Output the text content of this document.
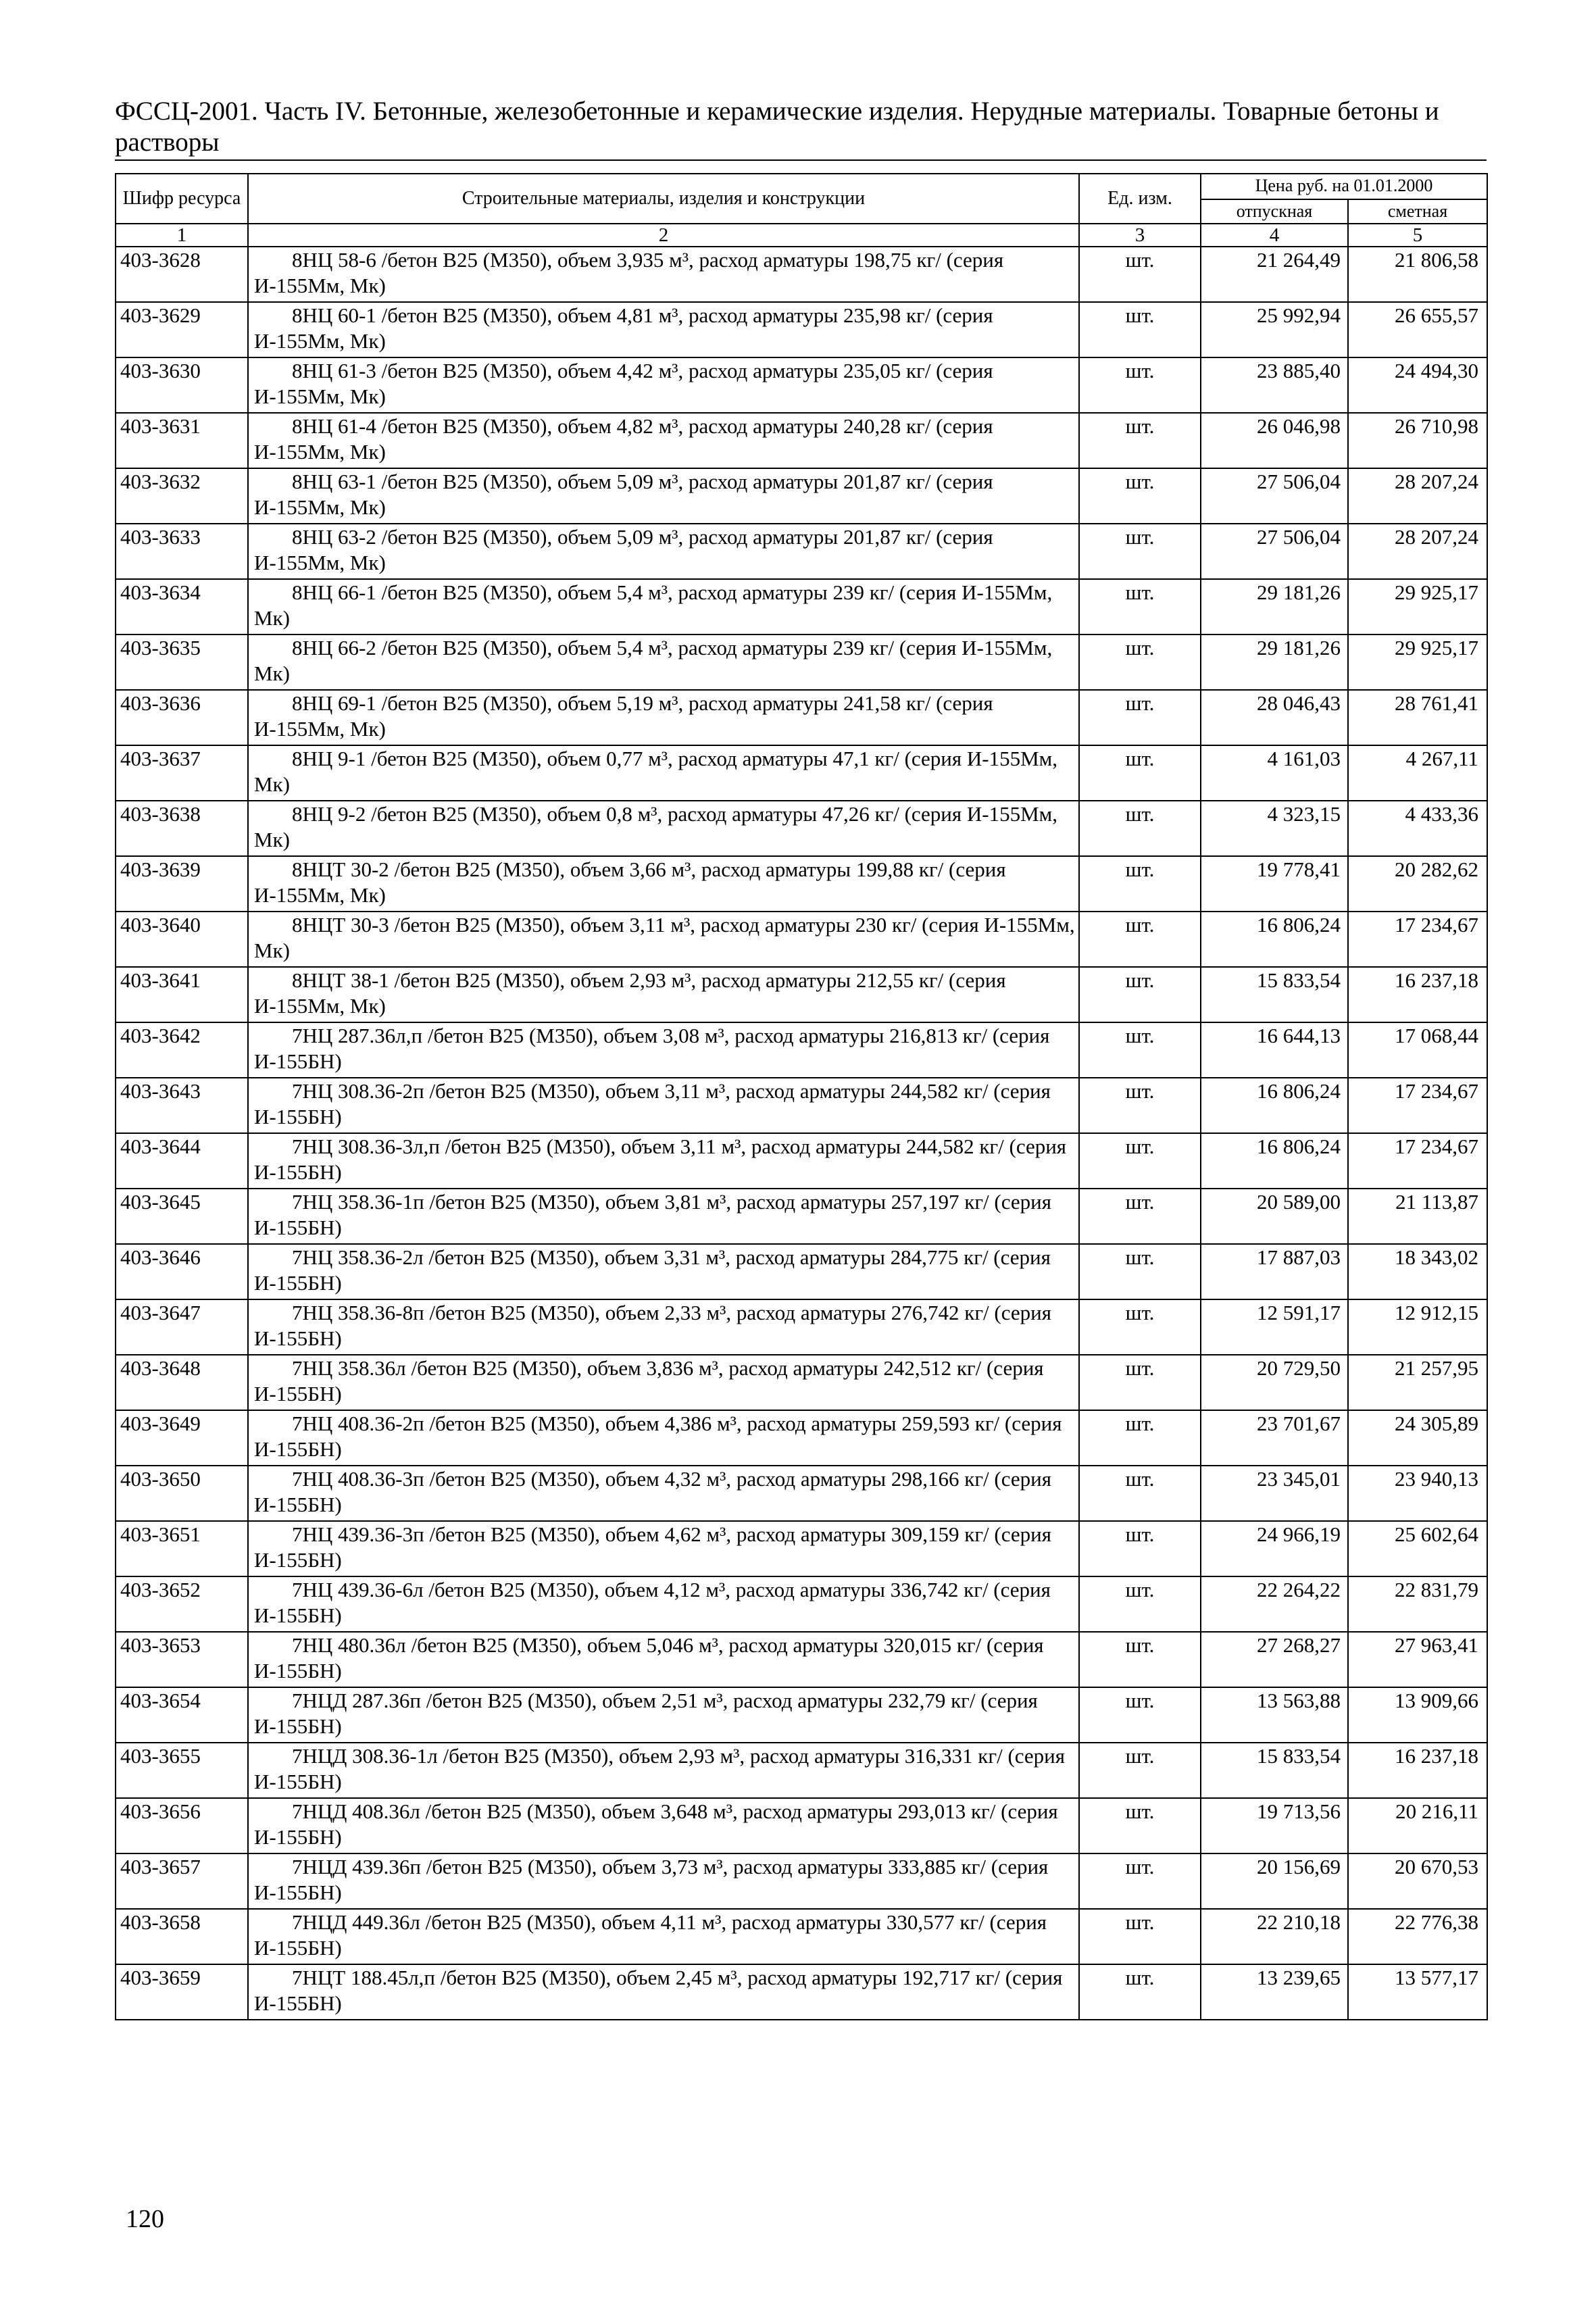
ФССЦ-2001. Часть IV. Бетонные, железобетонные и керамические изделия. Нерудные материалы. Товарные бетоны и растворы
Шифр ресурса	Строительные материалы, изделия и конструкции	Ед. изм.	Цена руб. на 01.01.2000	
			отпускная	сметная
1	2	3	4	5
403-3628	8НЦ 58-6 /бетон В25 (М350), объем 3,935 м³, расход арматуры 198,75 кг/ (серия И-155Мм, Мк)	шт.	21 264,49	21 806,58
403-3629	8НЦ 60-1 /бетон В25 (М350), объем 4,81 м³, расход арматуры 235,98 кг/ (серия И-155Мм, Мк)	шт.	25 992,94	26 655,57
403-3630	8НЦ 61-3 /бетон В25 (М350), объем 4,42 м³, расход арматуры 235,05 кг/ (серия И-155Мм, Мк)	шт.	23 885,40	24 494,30
403-3631	8НЦ 61-4 /бетон В25 (М350), объем 4,82 м³, расход арматуры 240,28 кг/ (серия И-155Мм, Мк)	шт.	26 046,98	26 710,98
403-3632	8НЦ 63-1 /бетон В25 (М350), объем 5,09 м³, расход арматуры 201,87 кг/ (серия И-155Мм, Мк)	шт.	27 506,04	28 207,24
403-3633	8НЦ 63-2 /бетон В25 (М350), объем 5,09 м³, расход арматуры 201,87 кг/ (серия И-155Мм, Мк)	шт.	27 506,04	28 207,24
403-3634	8НЦ 66-1 /бетон В25 (М350), объем 5,4 м³, расход арматуры 239 кг/ (серия И-155Мм, Мк)	шт.	29 181,26	29 925,17
403-3635	8НЦ 66-2 /бетон В25 (М350), объем 5,4 м³, расход арматуры 239 кг/ (серия И-155Мм, Мк)	шт.	29 181,26	29 925,17
403-3636	8НЦ 69-1 /бетон В25 (М350), объем 5,19 м³, расход арматуры 241,58 кг/ (серия И-155Мм, Мк)	шт.	28 046,43	28 761,41
403-3637	8НЦ 9-1 /бетон В25 (М350), объем 0,77 м³, расход арматуры 47,1 кг/ (серия И-155Мм, Мк)	шт.	4 161,03	4 267,11
403-3638	8НЦ 9-2 /бетон В25 (М350), объем 0,8 м³, расход арматуры 47,26 кг/ (серия И-155Мм, Мк)	шт.	4 323,15	4 433,36
403-3639	8НЦТ 30-2 /бетон В25 (М350), объем 3,66 м³, расход арматуры 199,88 кг/ (серия И-155Мм, Мк)	шт.	19 778,41	20 282,62
403-3640	8НЦТ 30-3 /бетон В25 (М350), объем 3,11 м³, расход арматуры 230 кг/ (серия И-155Мм, Мк)	шт.	16 806,24	17 234,67
403-3641	8НЦТ 38-1 /бетон В25 (М350), объем 2,93 м³, расход арматуры 212,55 кг/ (серия И-155Мм, Мк)	шт.	15 833,54	16 237,18
403-3642	7НЦ 287.36л,п /бетон В25 (М350), объем 3,08 м³, расход арматуры 216,813 кг/ (серия И-155БН)	шт.	16 644,13	17 068,44
403-3643	7НЦ 308.36-2п /бетон В25 (М350), объем 3,11 м³, расход арматуры 244,582 кг/ (серия И-155БН)	шт.	16 806,24	17 234,67
403-3644	7НЦ 308.36-3л,п /бетон В25 (М350), объем 3,11 м³, расход арматуры 244,582 кг/ (серия И-155БН)	шт.	16 806,24	17 234,67
403-3645	7НЦ 358.36-1п /бетон В25 (М350), объем 3,81 м³, расход арматуры 257,197 кг/ (серия И-155БН)	шт.	20 589,00	21 113,87
403-3646	7НЦ 358.36-2л /бетон В25 (М350), объем 3,31 м³, расход арматуры 284,775 кг/ (серия И-155БН)	шт.	17 887,03	18 343,02
403-3647	7НЦ 358.36-8п /бетон В25 (М350), объем 2,33 м³, расход арматуры 276,742 кг/ (серия И-155БН)	шт.	12 591,17	12 912,15
403-3648	7НЦ 358.36л /бетон В25 (М350), объем 3,836 м³, расход арматуры 242,512 кг/ (серия И-155БН)	шт.	20 729,50	21 257,95
403-3649	7НЦ 408.36-2п /бетон В25 (М350), объем 4,386 м³, расход арматуры 259,593 кг/ (серия И-155БН)	шт.	23 701,67	24 305,89
403-3650	7НЦ 408.36-3п /бетон В25 (М350), объем 4,32 м³, расход арматуры 298,166 кг/ (серия И-155БН)	шт.	23 345,01	23 940,13
403-3651	7НЦ 439.36-3п /бетон В25 (М350), объем 4,62 м³, расход арматуры 309,159 кг/ (серия И-155БН)	шт.	24 966,19	25 602,64
403-3652	7НЦ 439.36-6л /бетон В25 (М350), объем 4,12 м³, расход арматуры 336,742 кг/ (серия И-155БН)	шт.	22 264,22	22 831,79
403-3653	7НЦ 480.36л /бетон В25 (М350), объем 5,046 м³, расход арматуры 320,015 кг/ (серия И-155БН)	шт.	27 268,27	27 963,41
403-3654	7НЦД 287.36п /бетон В25 (М350), объем 2,51 м³, расход арматуры 232,79 кг/ (серия И-155БН)	шт.	13 563,88	13 909,66
403-3655	7НЦД 308.36-1л /бетон В25 (М350), объем 2,93 м³, расход арматуры 316,331 кг/ (серия И-155БН)	шт.	15 833,54	16 237,18
403-3656	7НЦД 408.36л /бетон В25 (М350), объем 3,648 м³, расход арматуры 293,013 кг/ (серия И-155БН)	шт.	19 713,56	20 216,11
403-3657	7НЦД 439.36п /бетон В25 (М350), объем 3,73 м³, расход арматуры 333,885 кг/ (серия И-155БН)	шт.	20 156,69	20 670,53
403-3658	7НЦД 449.36л /бетон В25 (М350), объем 4,11 м³, расход арматуры 330,577 кг/ (серия И-155БН)	шт.	22 210,18	22 776,38
403-3659	7НЦТ 188.45л,п /бетон В25 (М350), объем 2,45 м³, расход арматуры 192,717 кг/ (серия И-155БН)	шт.	13 239,65	13 577,17
120
